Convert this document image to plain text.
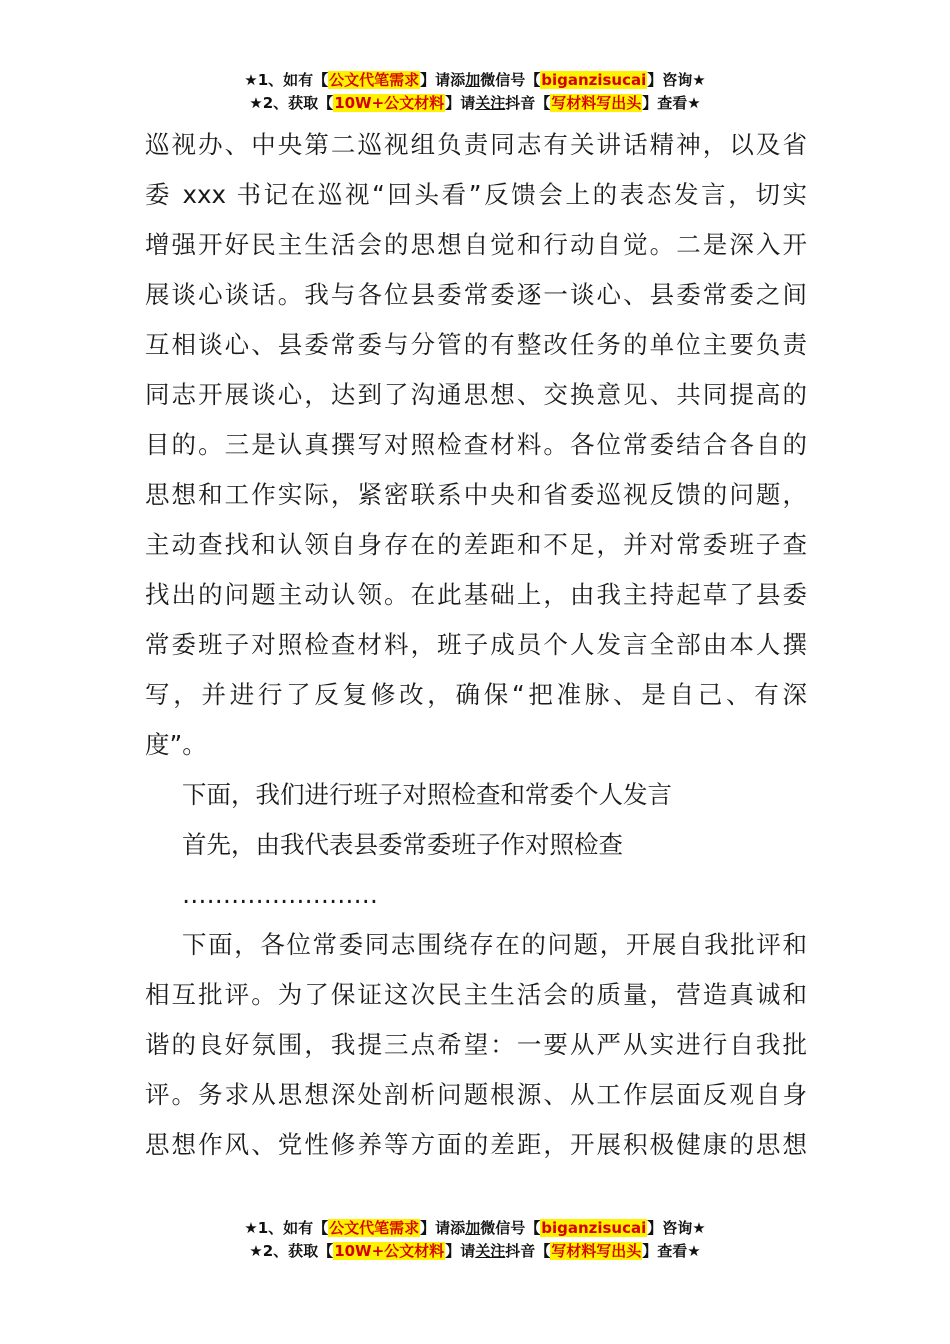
★1、如有【公文代笔需求】请添加微信号【biganzisucai】咨询★
★2、获取【10W+公文材料】请关注抖音【写材料写出头】查看★
巡视办、中央第二巡视组负责同志有关讲话精神，以及省
委 xxx 书记在巡视“回头看”反馈会上的表态发言，切实
增强开好民主生活会的思想自觉和行动自觉。二是深入开
展谈心谈话。我与各位县委常委逐一谈心、县委常委之间
互相谈心、县委常委与分管的有整改任务的单位主要负责
同志开展谈心，达到了沟通思想、交换意见、共同提高的
目的。三是认真撰写对照检查材料。各位常委结合各自的
思想和工作实际，紧密联系中央和省委巡视反馈的问题，
主动查找和认领自身存在的差距和不足，并对常委班子查
找出的问题主动认领。在此基础上，由我主持起草了县委
常委班子对照检查材料，班子成员个人发言全部由本人撰
写，并进行了反复修改，确保“把准脉、是自己、有深
度”。
下面，我们进行班子对照检查和常委个人发言
首先，由我代表县委常委班子作对照检查
……………………
下面，各位常委同志围绕存在的问题，开展自我批评和
相互批评。为了保证这次民主生活会的质量，营造真诚和
谐的良好氛围，我提三点希望：一要从严从实进行自我批
评。务求从思想深处剖析问题根源、从工作层面反观自身
思想作风、党性修养等方面的差距，开展积极健康的思想
★1、如有【公文代笔需求】请添加微信号【biganzisucai】咨询★
★2、获取【10W+公文材料】请关注抖音【写材料写出头】查看★
